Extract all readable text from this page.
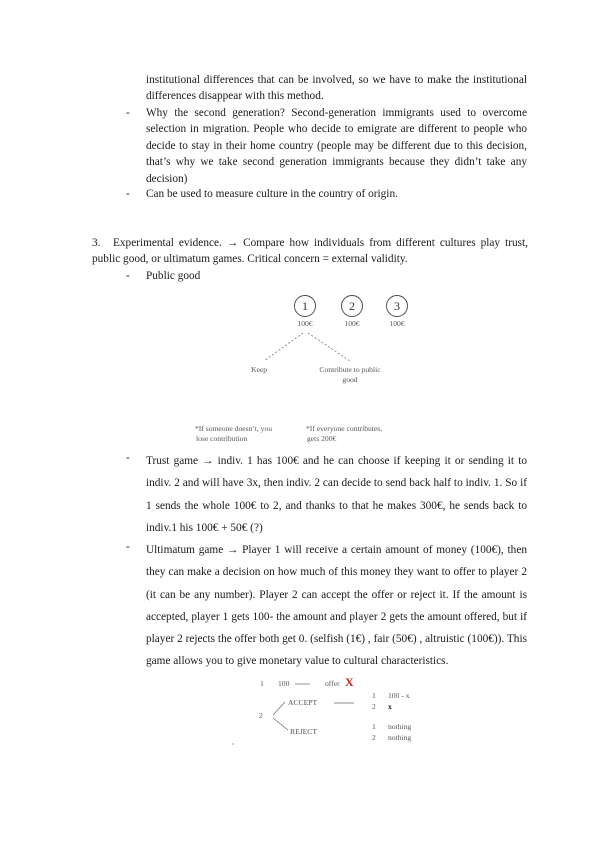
institutional differences that can be involved, so we have to make the institutional differences disappear with this method.
- Why the second generation? Second-generation immigrants used to overcome selection in migration. People who decide to emigrate are different to people who decide to stay in their home country (people may be different due to this decision, that’s why we take second generation immigrants because they didn’t take any decision)
- Can be used to measure culture in the country of origin.
3.	Experimental evidence. → Compare how individuals from different cultures play trust, public good, or ultimatum games. Critical concern = external validity.
- Public good
1	2	3
100€	100€	100€
Keep	Contribute to public
good
*If someone doesn’t, you
lose contribution
*If everyone contributes,
gets 200€
- Trust game → indiv. 1 has 100€ and he can choose if keeping it or sending it to indiv. 2 and will have 3x, then indiv. 2 can decide to send back half to indiv. 1. So if 1 sends the whole 100€ to 2, and thanks to that he makes 300€, he sends back to indiv.1 his 100€ + 50€ (?)
- Ultimatum game → Player 1 will receive a certain amount of money (100€), then they can make a decision on how much of this money they want to offer to player 2 (it can be any number). Player 2 can accept the offer or reject it. If the amount is accepted, player 1 gets 100- the amount and player 2 gets the amount offered, but if player 2 rejects the offer both get 0. (selfish (1€) , fair (50€) , altruistic (100€)). This game allows you to give monetary value to cultural characteristics.
1 100	offer X
2
ACCEPT
REJECT
1 100 - x
2 x
1 nothing
2 nothing
